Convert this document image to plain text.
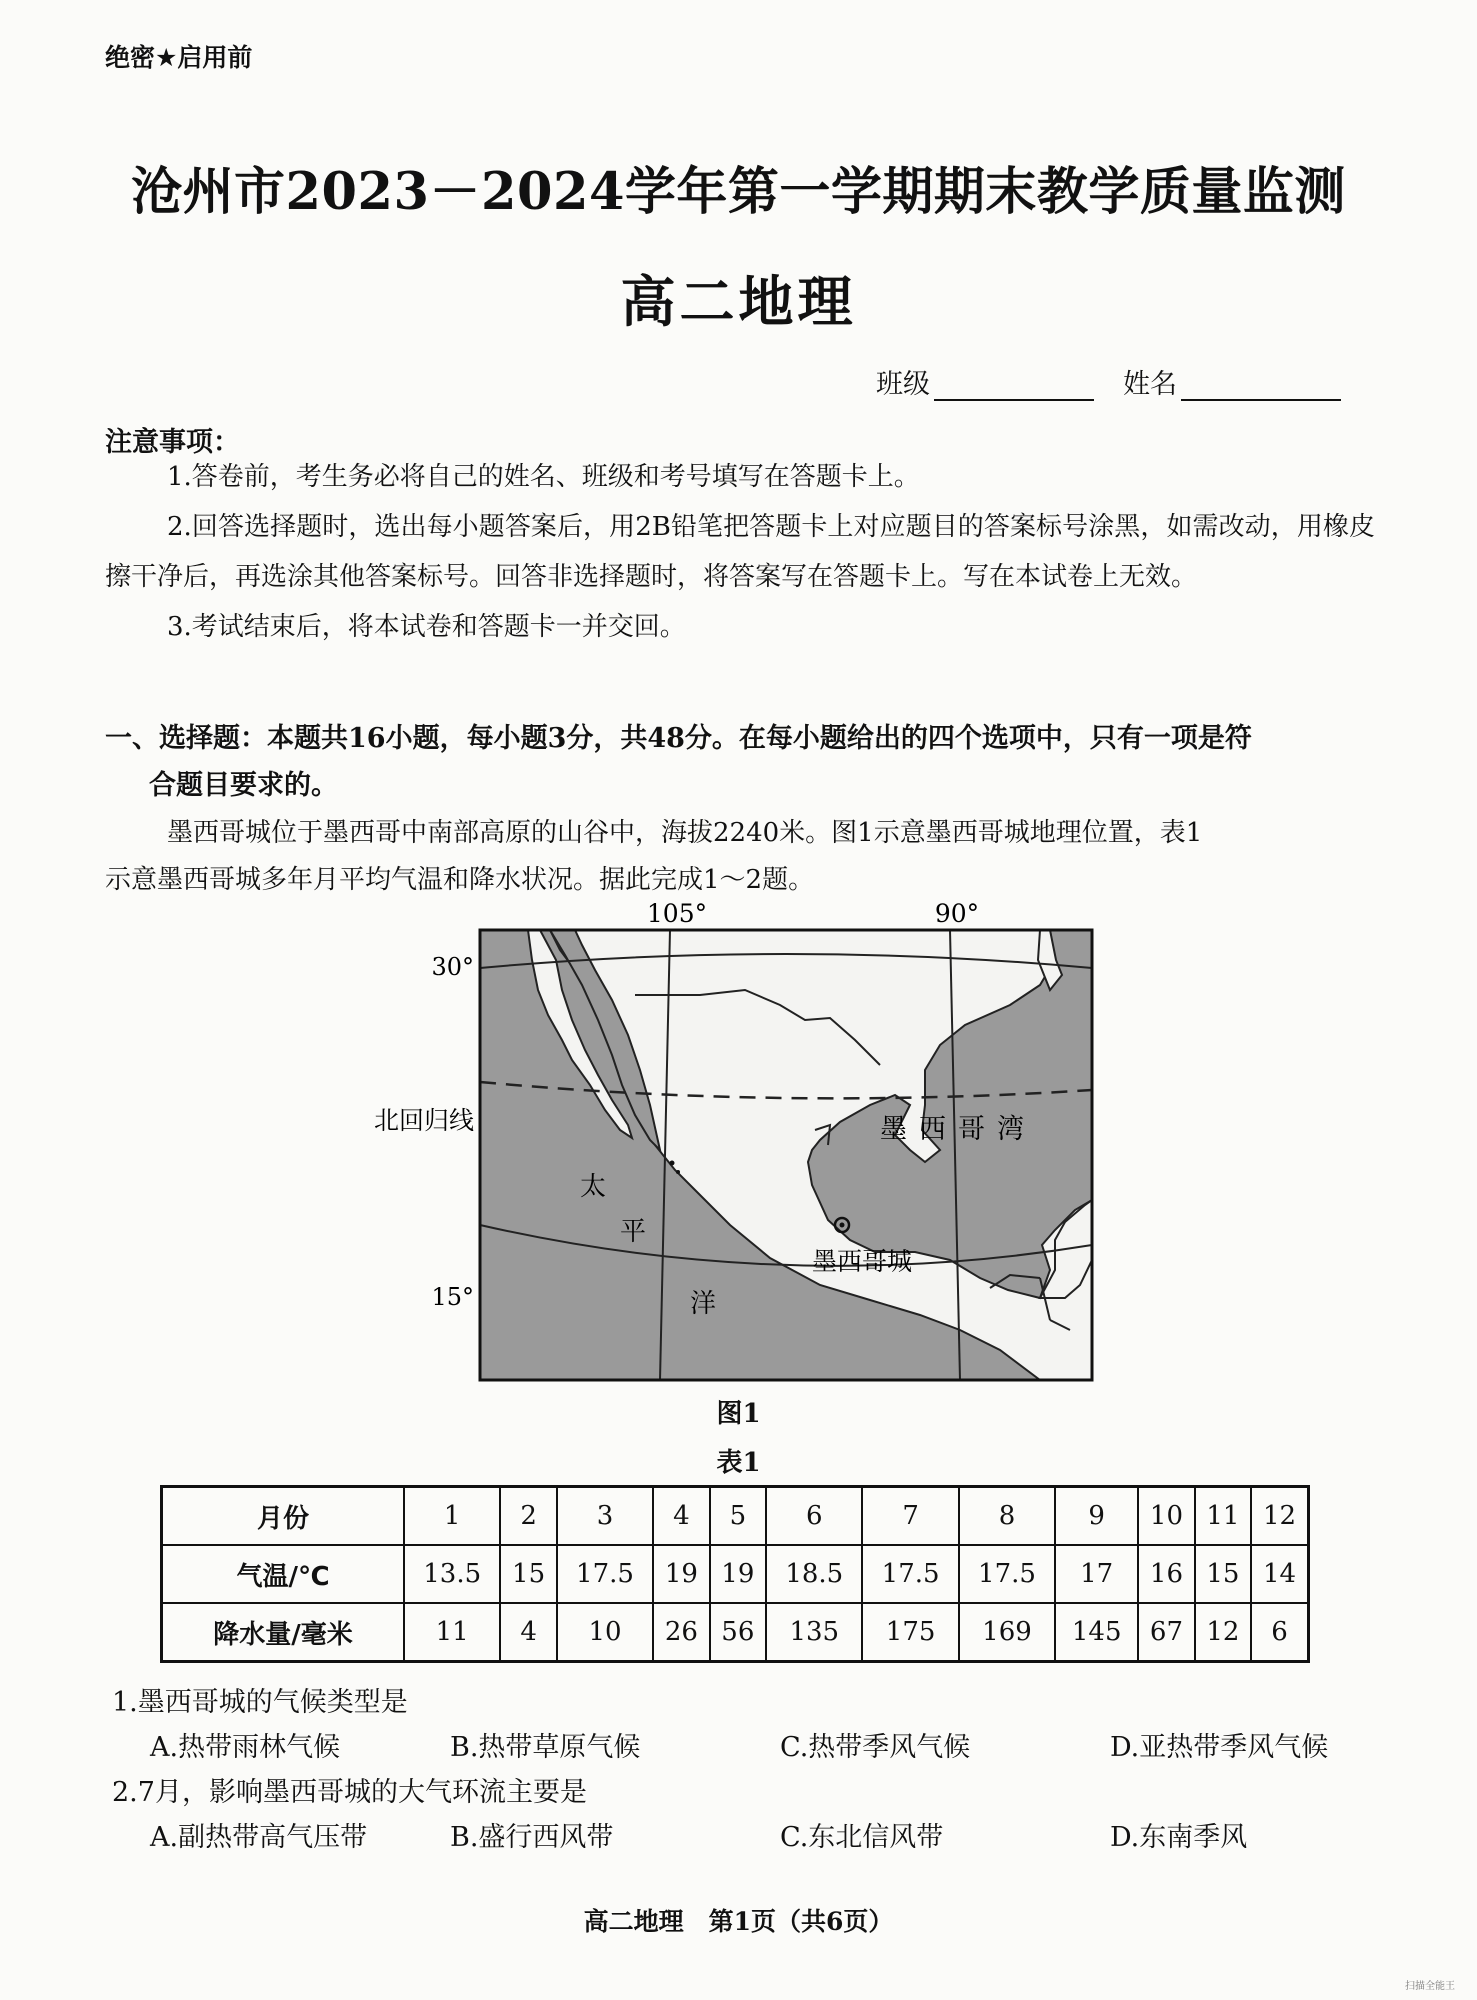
绝密★启用前
沧州市2023－2024学年第一学期期末教学质量监测
高二地理
班级	姓名
注意事项：

1.答卷前，考生务必将自己的姓名、班级和考号填写在答题卡上。

2.回答选择题时，选出每小题答案后，用2B铅笔把答题卡上对应题目的答案标号涂黑，如需改动，用橡皮擦干净后，再选涂其他答案标号。回答非选择题时，将答案写在答题卡上。写在本试卷上无效。

3.考试结束后，将本试卷和答题卡一并交回。

一、选择题：本题共16小题，每小题3分，共48分。在每小题给出的四个选项中，只有一项是符
合题目要求的。
墨西哥城位于墨西哥中南部高原的山谷中，海拔2240米。图1示意墨西哥城地理位置，表1
示意墨西哥城多年月平均气温和降水状况。据此完成1～2题。
105°	90°
30°
15°
北回归线	墨西哥湾
太
平
洋
墨西哥城
图1
表1
月份	1	2	3	4	5	6	7	8	9	10	11	12
气温/℃	13.5	15	17.5	19	19	18.5	17.5	17.5	17	16	15	14
降水量/毫米	11	4	10	26	56	135	175	169	145	67	12	6
1.墨西哥城的气候类型是
A.热带雨林气候	B.热带草原气候	C.热带季风气候	D.亚热带季风气候
2.7月，影响墨西哥城的大气环流主要是
A.副热带高气压带	B.盛行西风带	C.东北信风带	D.东南季风
高二地理　第1页（共6页）
扫描全能王
